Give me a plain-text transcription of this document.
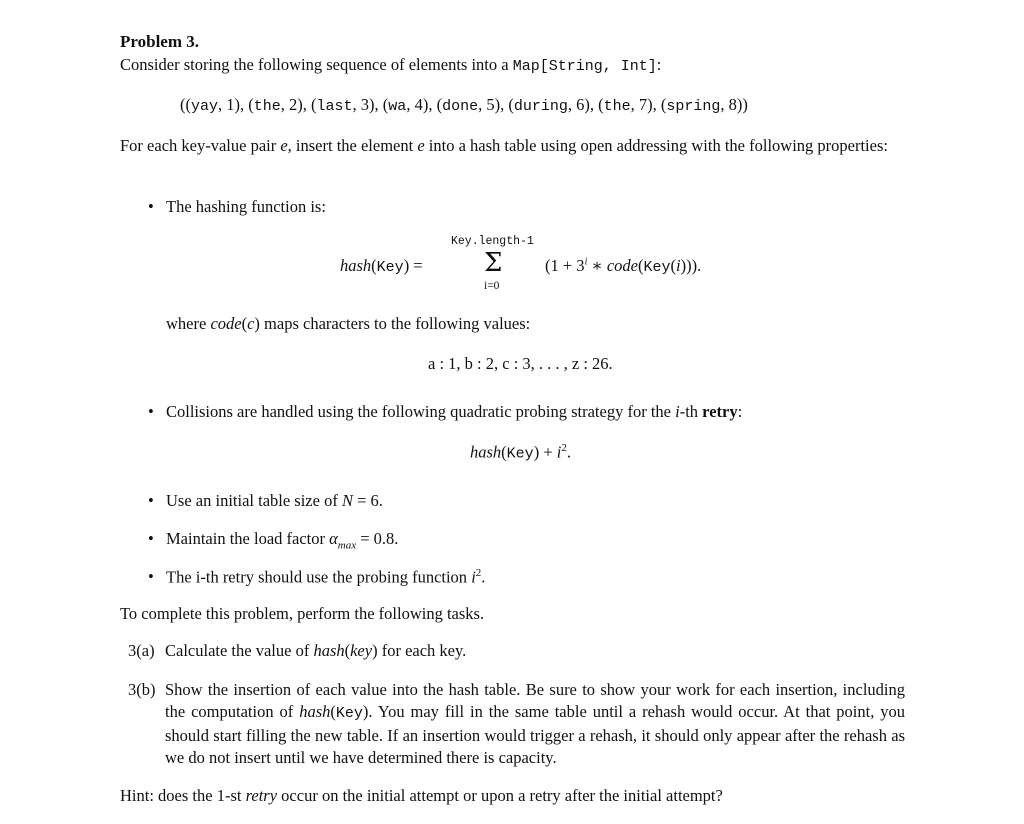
Problem 3.
Consider storing the following sequence of elements into a Map[String, Int]:
((yay, 1), (the, 2), (last, 3), (wa, 4), (done, 5), (during, 6), (the, 7), (spring, 8))
For each key-value pair e, insert the element e into a hash table using open addressing with the following properties:
• The hashing function is:
hash(Key) =
Key.length-1
Σ
i=0
($1 + 3^i$ ∗ code(Key(i))).
where code(c) maps characters to the following values:
a : 1, b : 2, c : 3, . . . , z : 26.
• Collisions are handled using the following quadratic probing strategy for the i-th retry:
hash(Key) + $i^2$.
• Use an initial table size of N = 6.
• Maintain the load factor $\alpha_{max} = 0.8$.
• The i-th retry should use the probing function $i^2$.
To complete this problem, perform the following tasks.
3(a) Calculate the value of hash(key) for each key.
3(b) Show the insertion of each value into the hash table. Be sure to show your work for each insertion, including the computation of hash(Key). You may fill in the same table until a rehash would occur. At that point, you should start filling the new table. If an insertion would trigger a rehash, it should only appear after the rehash as we do not insert until we have determined there is capacity.
Hint: does the 1-st retry occur on the initial attempt or upon a retry after the initial attempt?
